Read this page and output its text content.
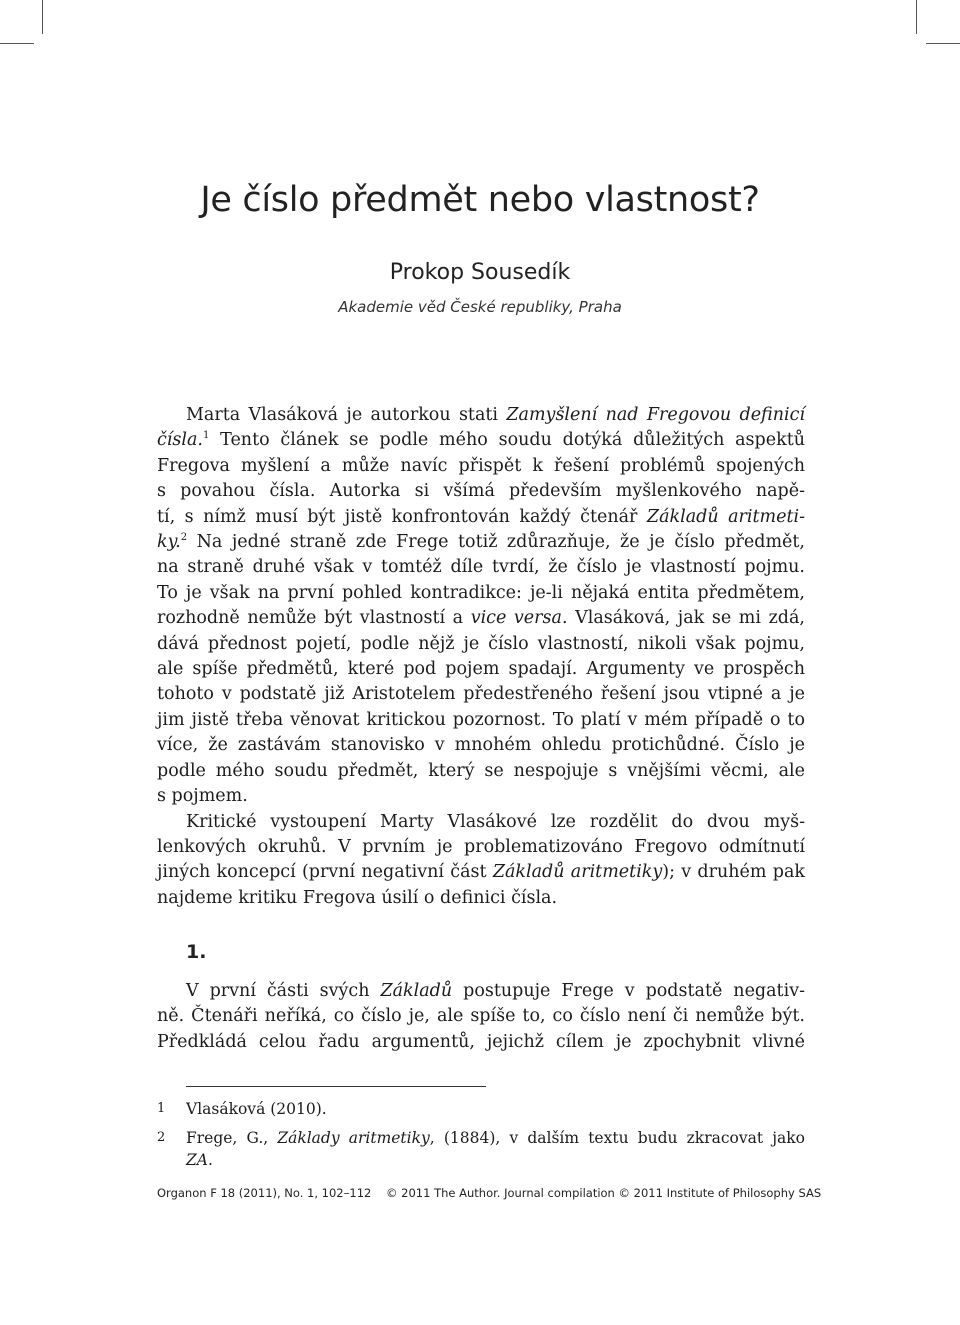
Je číslo předmět nebo vlastnost?
Prokop Sousedík
Akademie věd České republiky, Praha
Marta Vlasáková je autorkou stati Zamyšlení nad Fregovou definicí
čísla.$^1$ Tento článek se podle mého soudu dotýká důležitých aspektů
Fregova myšlení a může navíc přispět k řešení problémů spojených
s povahou čísla. Autorka si všímá především myšlenkového napě-
tí, s nímž musí být jistě konfrontován každý čtenář Základů aritmeti-
ky.$^2$ Na jedné straně zde Frege totiž zdůrazňuje, že je číslo předmět,
na straně druhé však v tomtéž díle tvrdí, že číslo je vlastností pojmu.
To je však na první pohled kontradikce: je-li nějaká entita předmětem,
rozhodně nemůže být vlastností a vice versa. Vlasáková, jak se mi zdá,
dává přednost pojetí, podle nějž je číslo vlastností, nikoli však pojmu,
ale spíše předmětů, které pod pojem spadají. Argumenty ve prospěch
tohoto v podstatě již Aristotelem předestřeného řešení jsou vtipné a je
jim jistě třeba věnovat kritickou pozornost. To platí v mém případě o to
více, že zastávám stanovisko v mnohém ohledu protichůdné. Číslo je
podle mého soudu předmět, který se nespojuje s vnějšími věcmi, ale
s pojmem.
Kritické vystoupení Marty Vlasákové lze rozdělit do dvou myš-
lenkových okruhů. V prvním je problematizováno Fregovo odmítnutí
jiných koncepcí (první negativní část Základů aritmetiky); v druhém pak
najdeme kritiku Fregova úsilí o definici čísla.
1.
V první části svých Základů postupuje Frege v podstatě negativ-
ně. Čtenáři neříká, co číslo je, ale spíše to, co číslo není či nemůže být.
Předkládá celou řadu argumentů, jejichž cílem je zpochybnit vlivné
1 Vlasáková (2010).
2 Frege, G., Základy aritmetiky, (1884), v dalším textu budu zkracovat jako
ZA.
Organon F 18 (2011), No. 1, 102–112 © 2011 The Author. Journal compilation © 2011 Institute of Philosophy SAS
